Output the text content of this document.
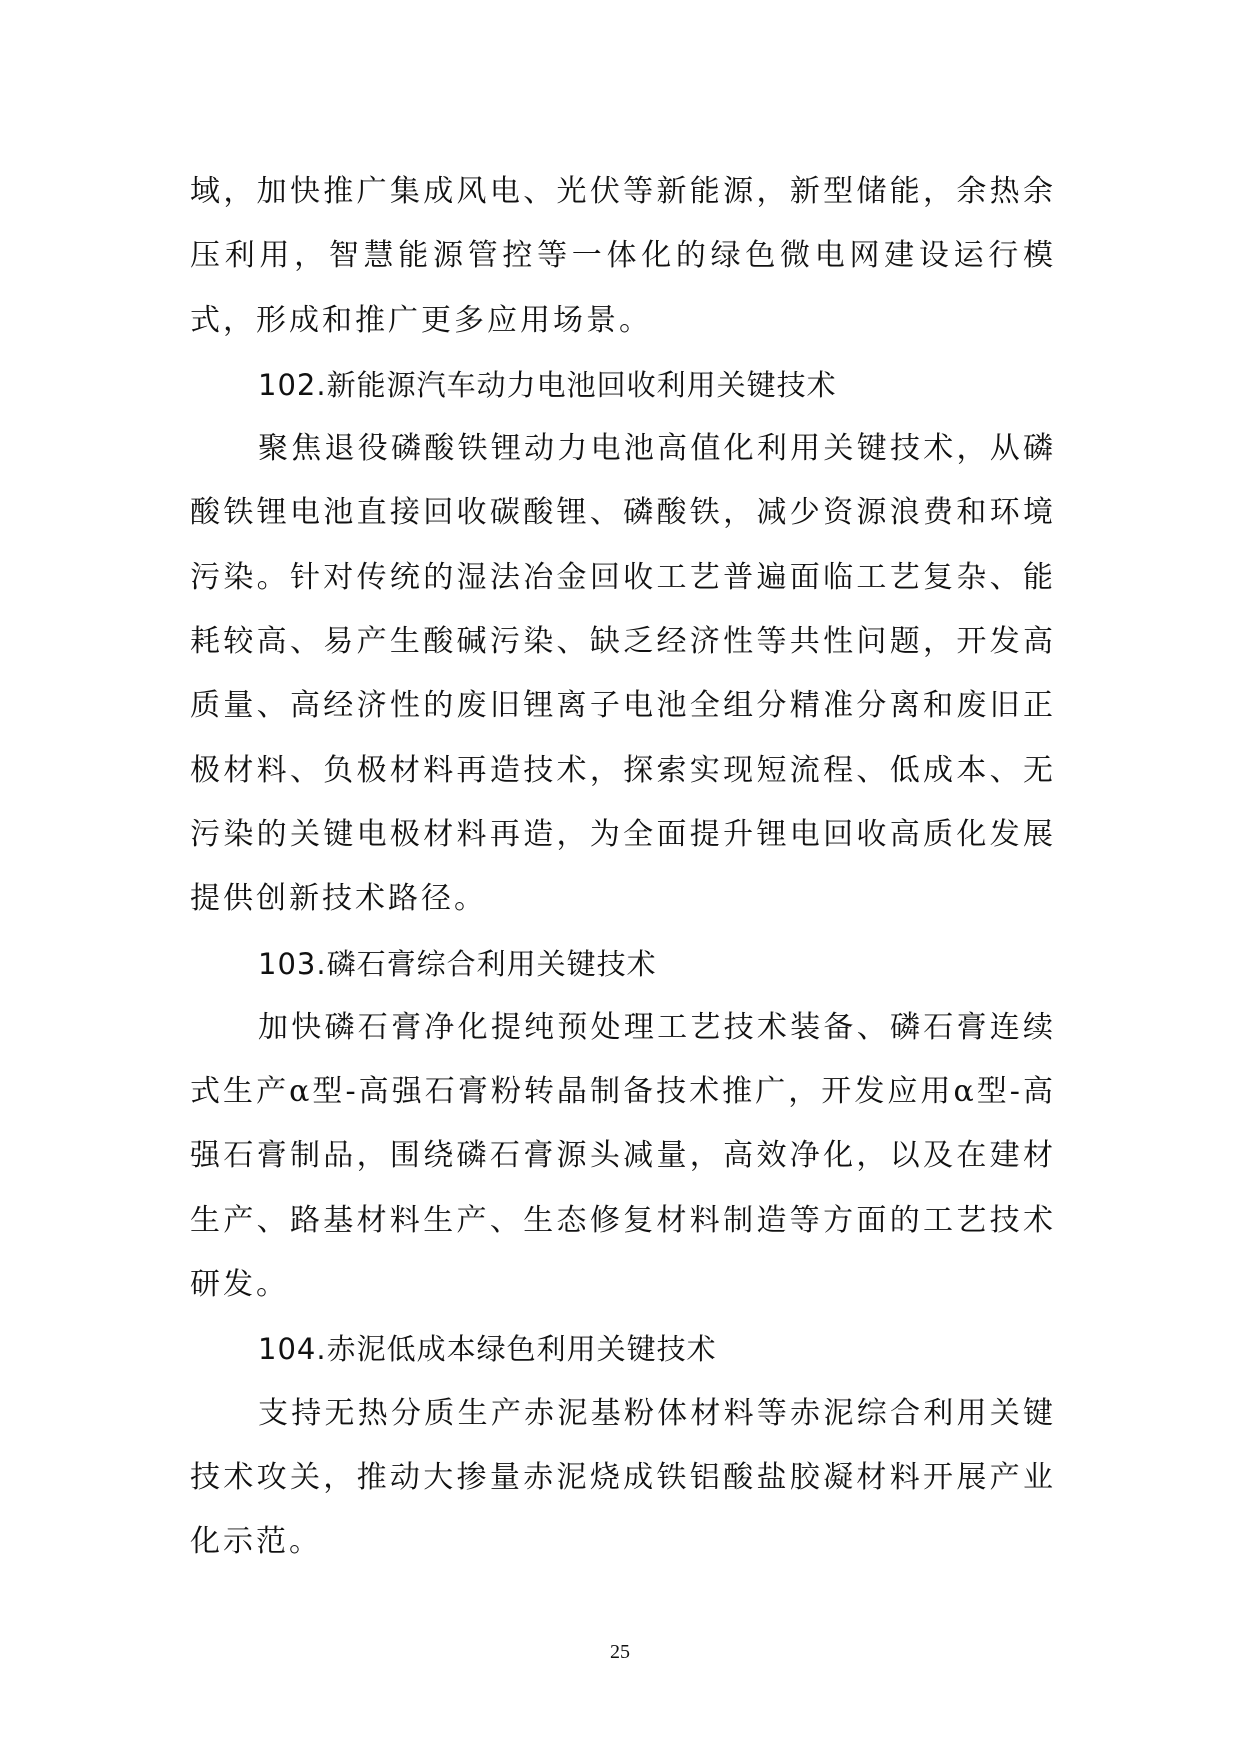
域，加快推广集成风电、光伏等新能源，新型储能，余热余压利用，智慧能源管控等一体化的绿色微电网建设运行模式，形成和推广更多应用场景。

102.新能源汽车动力电池回收利用关键技术

聚焦退役磷酸铁锂动力电池高值化利用关键技术，从磷酸铁锂电池直接回收碳酸锂、磷酸铁，减少资源浪费和环境污染。针对传统的湿法冶金回收工艺普遍面临工艺复杂、能耗较高、易产生酸碱污染、缺乏经济性等共性问题，开发高质量、高经济性的废旧锂离子电池全组分精准分离和废旧正极材料、负极材料再造技术，探索实现短流程、低成本、无污染的关键电极材料再造，为全面提升锂电回收高质化发展提供创新技术路径。

103.磷石膏综合利用关键技术

加快磷石膏净化提纯预处理工艺技术装备、磷石膏连续式生产α型-高强石膏粉转晶制备技术推广，开发应用α型-高强石膏制品，围绕磷石膏源头减量，高效净化，以及在建材生产、路基材料生产、生态修复材料制造等方面的工艺技术研发。

104.赤泥低成本绿色利用关键技术

支持无热分质生产赤泥基粉体材料等赤泥综合利用关键技术攻关，推动大掺量赤泥烧成铁铝酸盐胶凝材料开展产业化示范。

25
